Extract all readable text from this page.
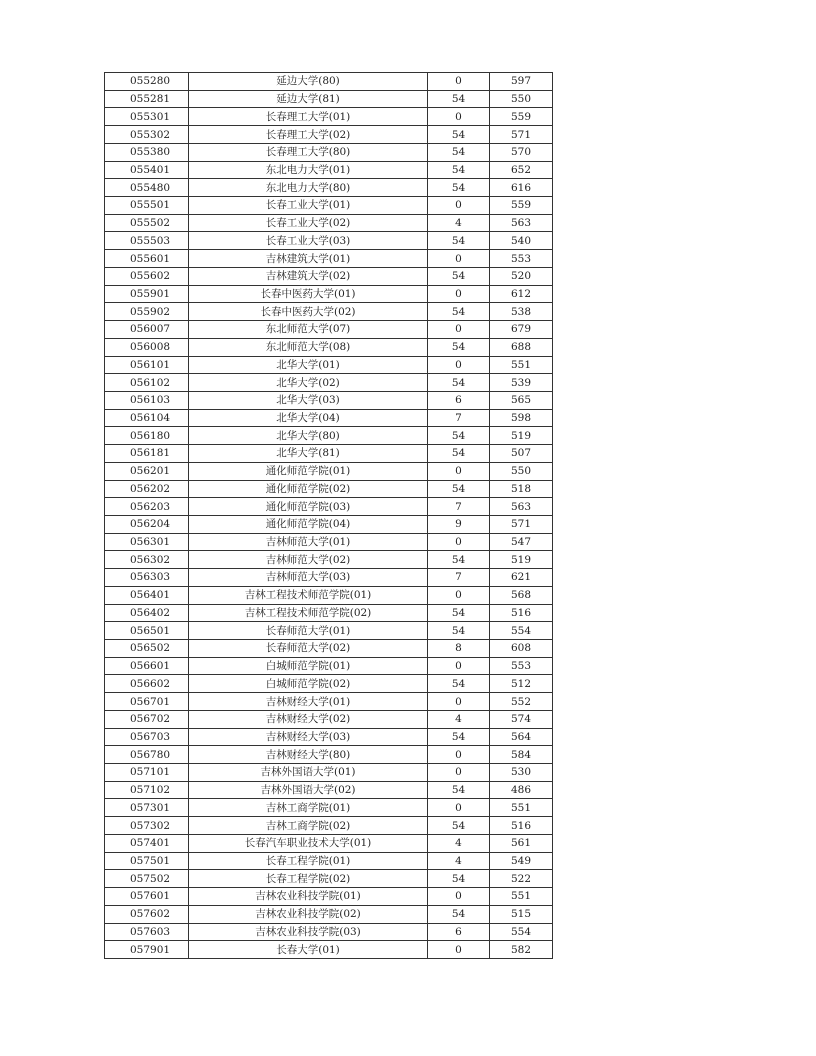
055280	延边大学(80)	0	597
055281	延边大学(81)	54	550
055301	长春理工大学(01)	0	559
055302	长春理工大学(02)	54	571
055380	长春理工大学(80)	54	570
055401	东北电力大学(01)	54	652
055480	东北电力大学(80)	54	616
055501	长春工业大学(01)	0	559
055502	长春工业大学(02)	4	563
055503	长春工业大学(03)	54	540
055601	吉林建筑大学(01)	0	553
055602	吉林建筑大学(02)	54	520
055901	长春中医药大学(01)	0	612
055902	长春中医药大学(02)	54	538
056007	东北师范大学(07)	0	679
056008	东北师范大学(08)	54	688
056101	北华大学(01)	0	551
056102	北华大学(02)	54	539
056103	北华大学(03)	6	565
056104	北华大学(04)	7	598
056180	北华大学(80)	54	519
056181	北华大学(81)	54	507
056201	通化师范学院(01)	0	550
056202	通化师范学院(02)	54	518
056203	通化师范学院(03)	7	563
056204	通化师范学院(04)	9	571
056301	吉林师范大学(01)	0	547
056302	吉林师范大学(02)	54	519
056303	吉林师范大学(03)	7	621
056401	吉林工程技术师范学院(01)	0	568
056402	吉林工程技术师范学院(02)	54	516
056501	长春师范大学(01)	54	554
056502	长春师范大学(02)	8	608
056601	白城师范学院(01)	0	553
056602	白城师范学院(02)	54	512
056701	吉林财经大学(01)	0	552
056702	吉林财经大学(02)	4	574
056703	吉林财经大学(03)	54	564
056780	吉林财经大学(80)	0	584
057101	吉林外国语大学(01)	0	530
057102	吉林外国语大学(02)	54	486
057301	吉林工商学院(01)	0	551
057302	吉林工商学院(02)	54	516
057401	长春汽车职业技术大学(01)	4	561
057501	长春工程学院(01)	4	549
057502	长春工程学院(02)	54	522
057601	吉林农业科技学院(01)	0	551
057602	吉林农业科技学院(02)	54	515
057603	吉林农业科技学院(03)	6	554
057901	长春大学(01)	0	582
